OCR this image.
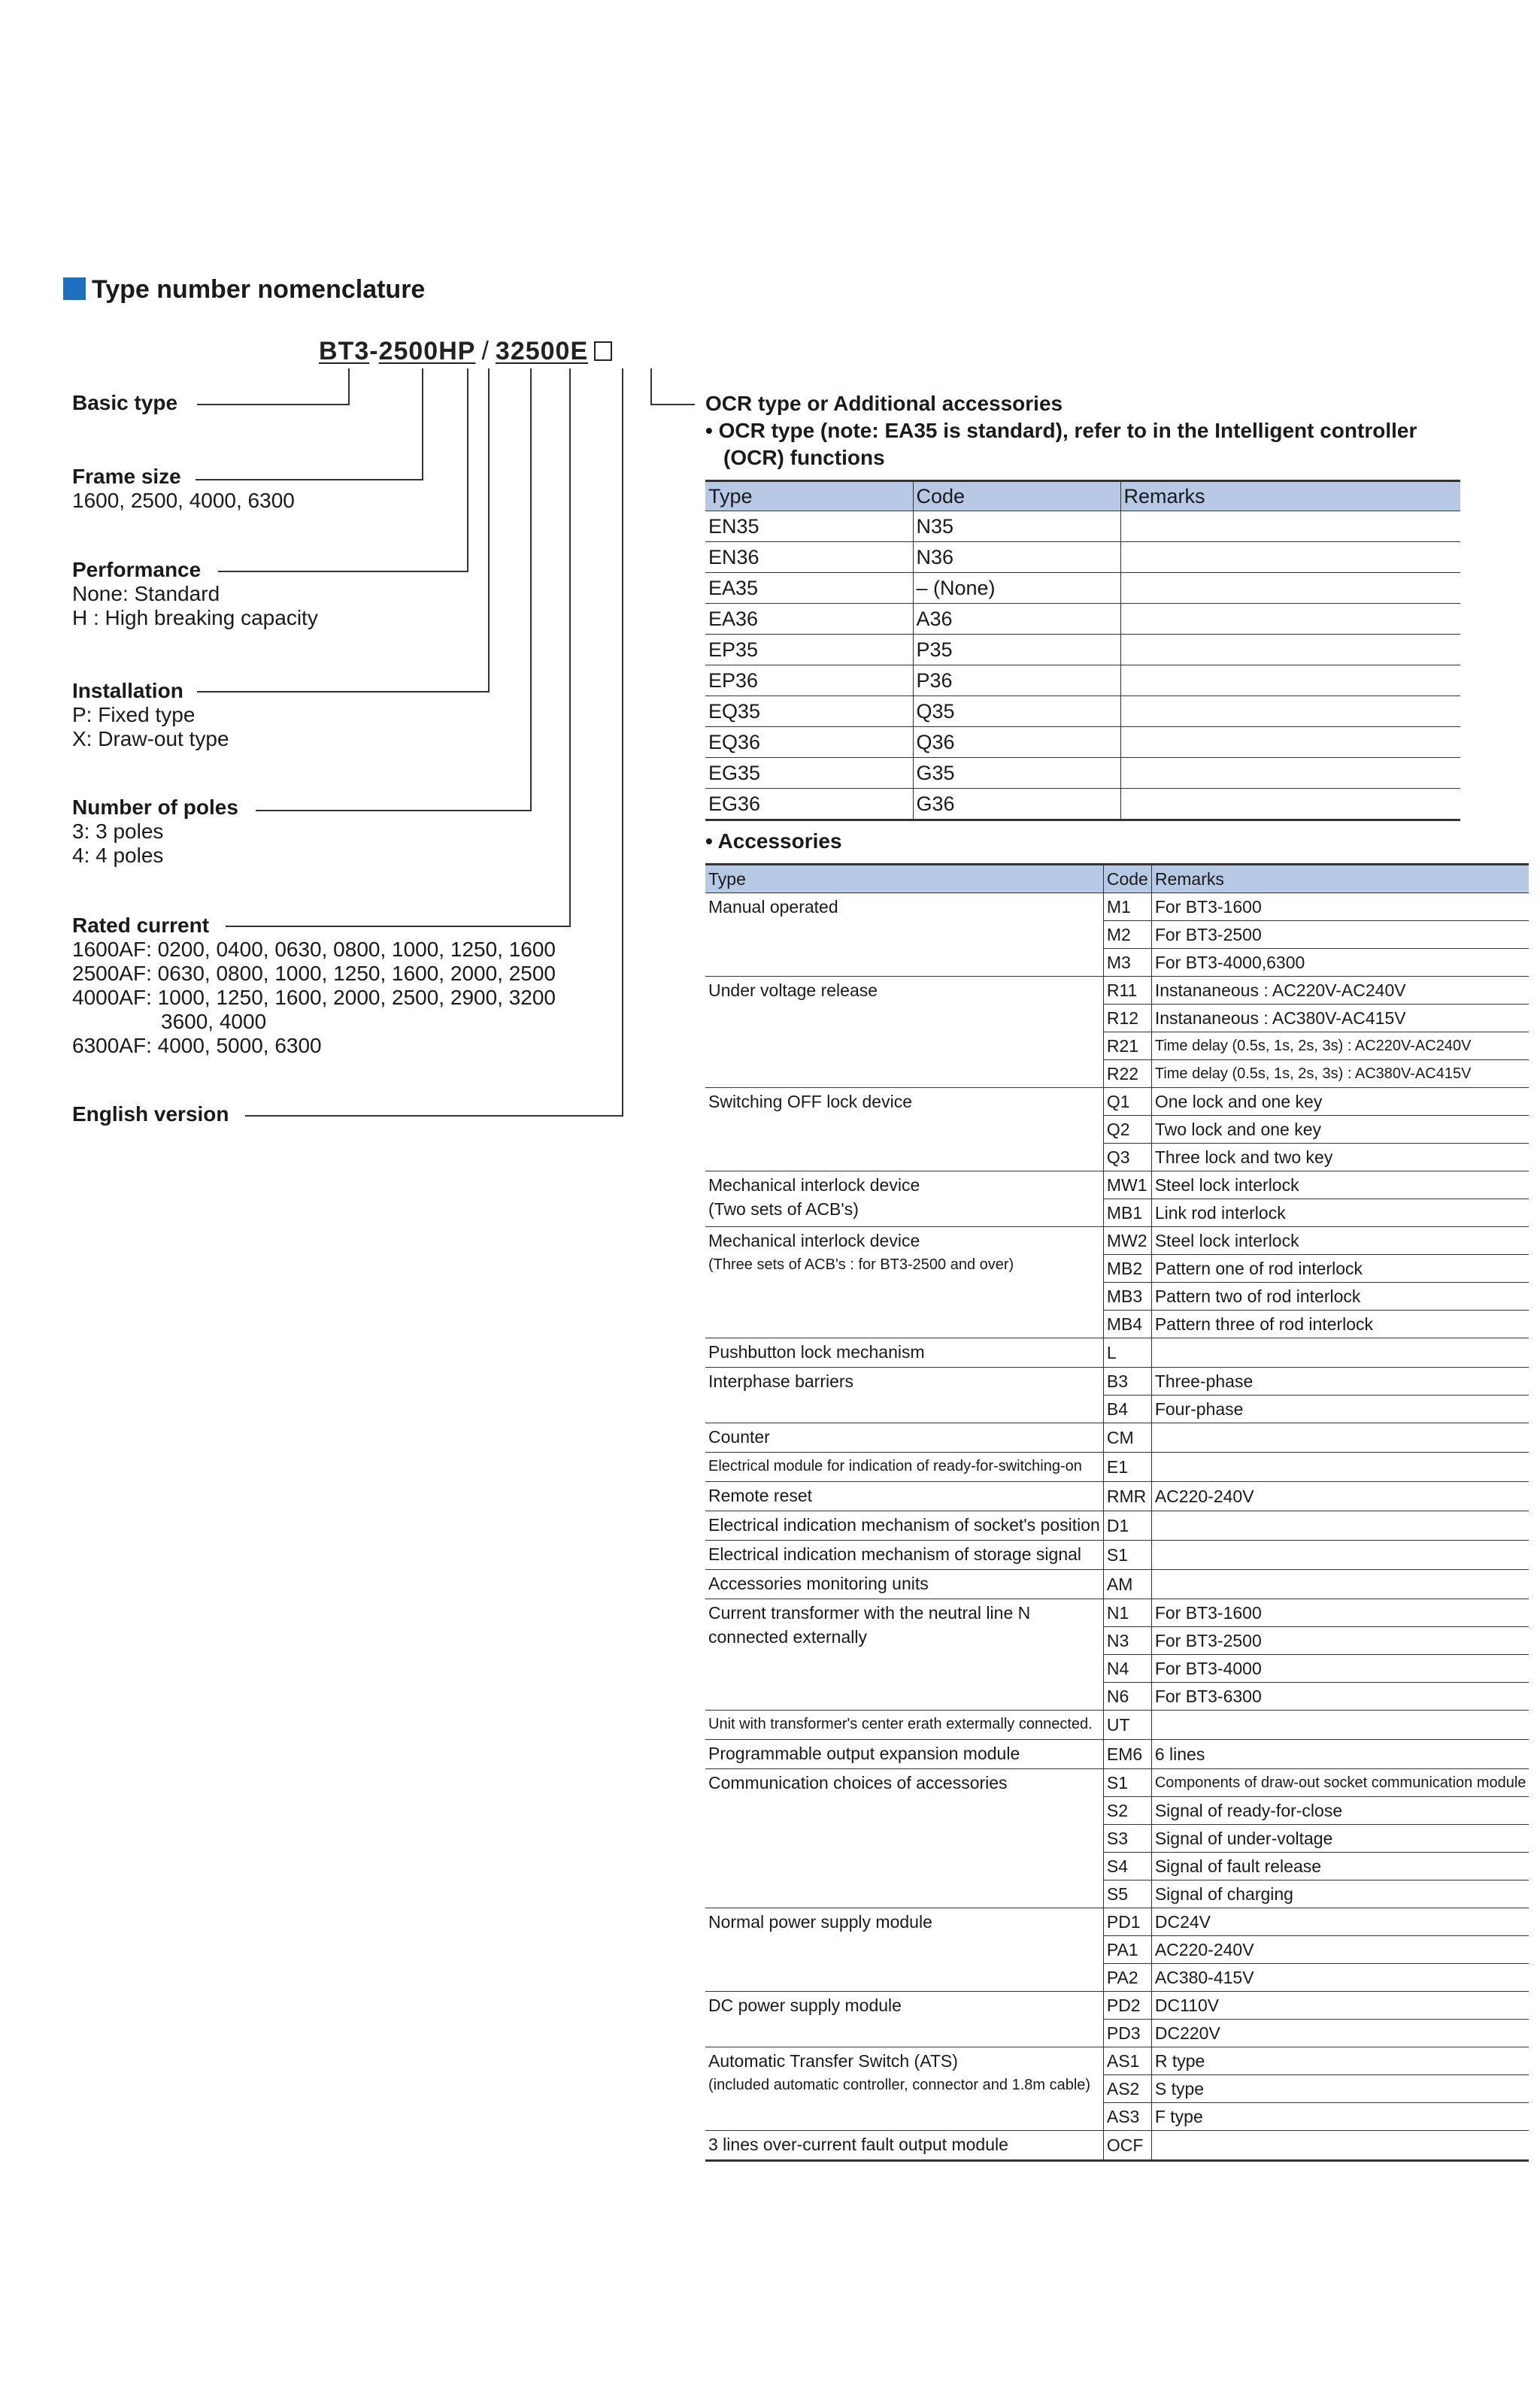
Type number nomenclature
BT3-2500HP / 32500E
Basic type
Frame size
1600, 2500, 4000, 6300
Performance
None: Standard
H : High breaking capacity
Installation
P: Fixed type
X: Draw-out type
Number of poles
3: 3 poles
4: 4 poles
Rated current
1600AF: 0200, 0400, 0630, 0800, 1000, 1250, 1600
2500AF: 0630, 0800, 1000, 1250, 1600, 2000, 2500
4000AF: 1000, 1250, 1600, 2000, 2500, 2900, 3200
3600, 4000
6300AF: 4000, 5000, 6300
English version
OCR type or Additional accessories
• OCR type (note: EA35 is standard), refer to in the Intelligent controller
(OCR) functions
Type	Code	Remarks
EN35	N35	
EN36	N36	
EA35	– (None)	
EA36	A36	
EP35	P35	
EP36	P36	
EQ35	Q35	
EQ36	Q36	
EG35	G35	
EG36	G36	
• Accessories
Type	Code	Remarks

Manual operated	M1	For BT3-1600
	M2	For BT3-2500
	M3	For BT3-4000,6300

Under voltage release	R11	Instananeous : AC220V-AC240V
	R12	Instananeous : AC380V-AC415V
	R21	Time delay (0.5s, 1s, 2s, 3s) : AC220V-AC240V
	R22	Time delay (0.5s, 1s, 2s, 3s) : AC380V-AC415V

Switching OFF lock device	Q1	One lock and one key
	Q2	Two lock and one key
	Q3	Three lock and two key

Mechanical interlock device
(Two sets of ACB's)	MW1	Steel lock interlock
	MB1	Link rod interlock

Mechanical interlock device
(Three sets of ACB's : for BT3-2500 and over)	MW2	Steel lock interlock
	MB2	Pattern one of rod interlock
	MB3	Pattern two of rod interlock
	MB4	Pattern three of rod interlock

Pushbutton lock mechanism	L	

Interphase barriers	B3	Three-phase
	B4	Four-phase

Counter	CM	

Electrical module for indication of ready-for-switching-on	E1	

Remote reset	RMR	AC220-240V

Electrical indication mechanism of socket's position	D1	

Electrical indication mechanism of storage signal	S1	

Accessories monitoring units	AM	

Current transformer with the neutral line N
connected externally	N1	For BT3-1600
	N3	For BT3-2500
	N4	For BT3-4000
	N6	For BT3-6300

Unit with transformer's center erath extermally connected.	UT	

Programmable output expansion module	EM6	6 lines

Communication choices of accessories	S1	Components of draw-out socket communication module
	S2	Signal of ready-for-close
	S3	Signal of under-voltage
	S4	Signal of fault release
	S5	Signal of charging

Normal power supply module	PD1	DC24V
	PA1	AC220-240V
	PA2	AC380-415V

DC power supply module	PD2	DC110V
	PD3	DC220V

Automatic Transfer Switch (ATS)
(included automatic controller, connector and 1.8m cable)	AS1	R type
	AS2	S type
	AS3	F type

3 lines over-current fault output module	OCF	
